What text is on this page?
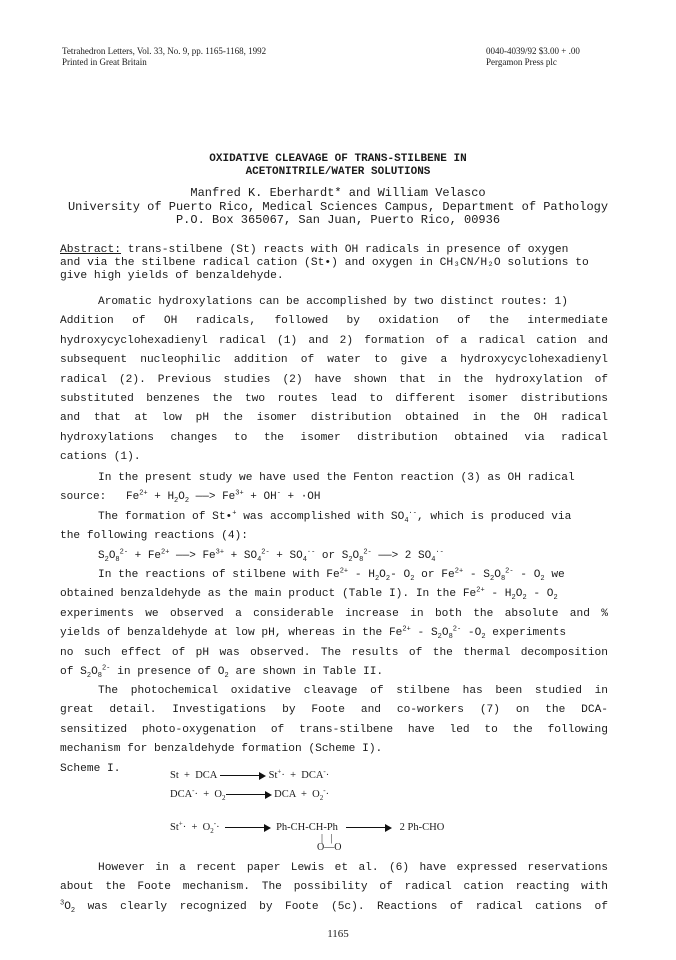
Tetrahedron Letters, Vol. 33, No. 9, pp. 1165-1168, 1992
Printed in Great Britain
0040-4039/92 $3.00 + .00
Pergamon Press plc
OXIDATIVE CLEAVAGE OF TRANS-STILBENE IN
ACETONITRILE/WATER SOLUTIONS
Manfred K. Eberhardt* and William Velasco
University of Puerto Rico, Medical Sciences Campus, Department of Pathology
P.O. Box 365067, San Juan, Puerto Rico, 00936
Abstract: trans-stilbene (St) reacts with OH radicals in presence of oxygen
and via the stilbene radical cation (St•) and oxygen in CH₃CN/H₂O solutions to
give high yields of benzaldehyde.
Aromatic hydroxylations can be accomplished by two distinct routes: 1)
Addition of OH radicals, followed by oxidation of the intermediate
hydroxycyclohexadienyl radical (1) and 2) formation of a radical cation and
subsequent nucleophilic addition of water to give a hydroxycyclohexadienyl
radical (2). Previous studies (2) have shown that in the hydroxylation of
substituted benzenes the two routes lead to different isomer distributions
and that at low pH the isomer distribution obtained in the OH radical
hydroxylations changes to the isomer distribution obtained via radical
cations (1).
In the present study we have used the Fenton reaction (3) as OH radical
source:   $Fe^{2+} + H_2O_2$ ——> $Fe^{3+} + OH^- + \cdot OH$
The formation of St•+ was accomplished with $SO_4^{\cdot-}$, which is produced via
the following reactions (4):
$S_2O_8^{2-} + Fe^{2+}$ ——> $Fe^{3+} + SO_4^{2-} + SO_4^{\cdot-}$ or $S_2O_8^{2-}$ ——> 2 $SO_4^{\cdot-}$
In the reactions of stilbene with $Fe^{2+} - H_2O_2-$ $O_2$ or $Fe^{2+} - S_2O_8^{2-} - O_2$ we
obtained benzaldehyde as the main product (Table I). In the $Fe^{2+} - H_2O_2 - O_2$
experiments we observed a considerable increase in both the absolute and %
yields of benzaldehyde at low pH, whereas in the $Fe^{2+} - S_2O_8^{2-}$ $-O_2$ experiments
no such effect of pH was observed. The results of the thermal decomposition
of $S_2O_8^{2-}$ in presence of $O_2$ are shown in Table II.
The photochemical oxidative cleavage of stilbene has been studied in
great detail. Investigations by Foote and co-workers (7) on the DCA-
sensitized photo-oxygenation of trans-stilbene have led to the following
mechanism for benzaldehyde formation (Scheme I).
Scheme I.
St  +  DCA	St+·  +  DCA-·
$DCA^-\cdot + O_2$	DCA  +  $O_2^-\cdot$
$St^+\cdot + O_2^-\cdot$	Ph-CH-CH-Ph	2 Ph-CHO
|   |
O—O
However in a recent paper Lewis et al. (6) have expressed reservations
about the Foote mechanism. The possibility of radical cation reacting with
$^3O_2$ was clearly recognized by Foote (5c). Reactions of radical cations of
1165
